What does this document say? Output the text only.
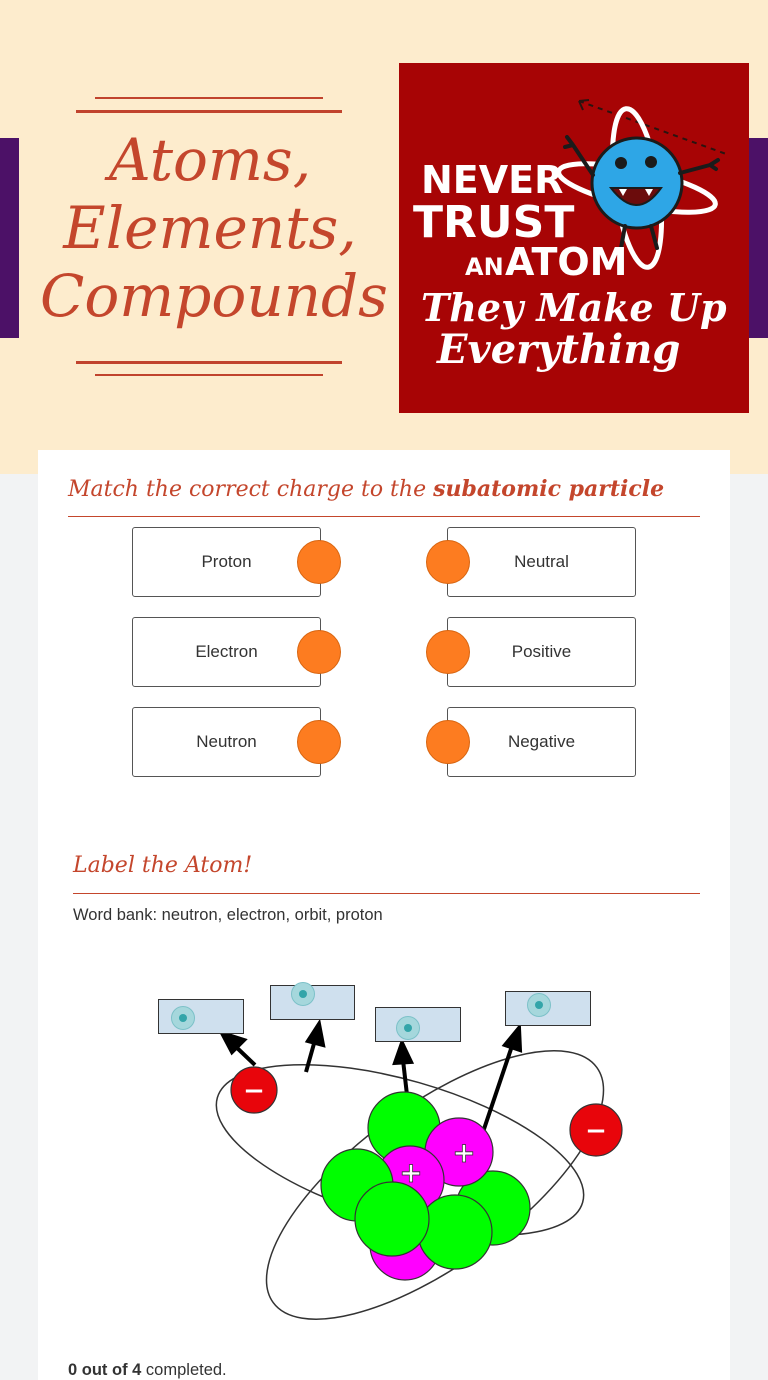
Atoms,
Elements,
Compounds
NEVER
TRUST
AN ATOM
They Make Up
Everything
Match the correct charge to the subatomic particle
Proton
Electron
Neutron
Neutral
Positive
Negative
Label the Atom!
Word bank: neutron, electron, orbit, proton
+
+
−
−
0 out of 4 completed.
